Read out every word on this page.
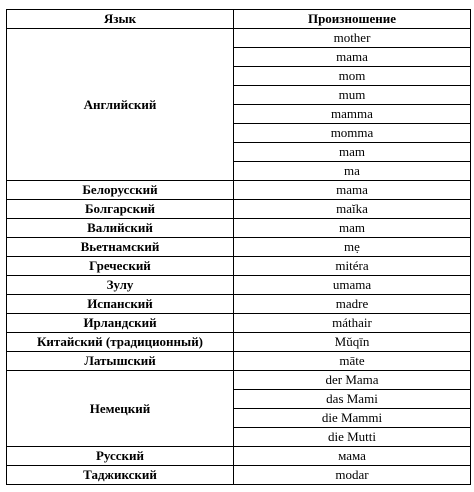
Язык	Произношение
Английский	mother
	mama
	mom
	mum
	mamma
	momma
	mam
	ma
Белорусский	mama
Болгарский	maĭka
Валийский	mam
Вьетнамский	mẹ
Греческий	mitéra
Зулу	umama
Испанский	madre
Ирландский	máthair
Китайский (традиционный)	Mǔqīn
Латышский	māte
Немецкий	der Mama
	das Mami
	die Mammi
	die Mutti
Русский	мама
Таджикский	modar
